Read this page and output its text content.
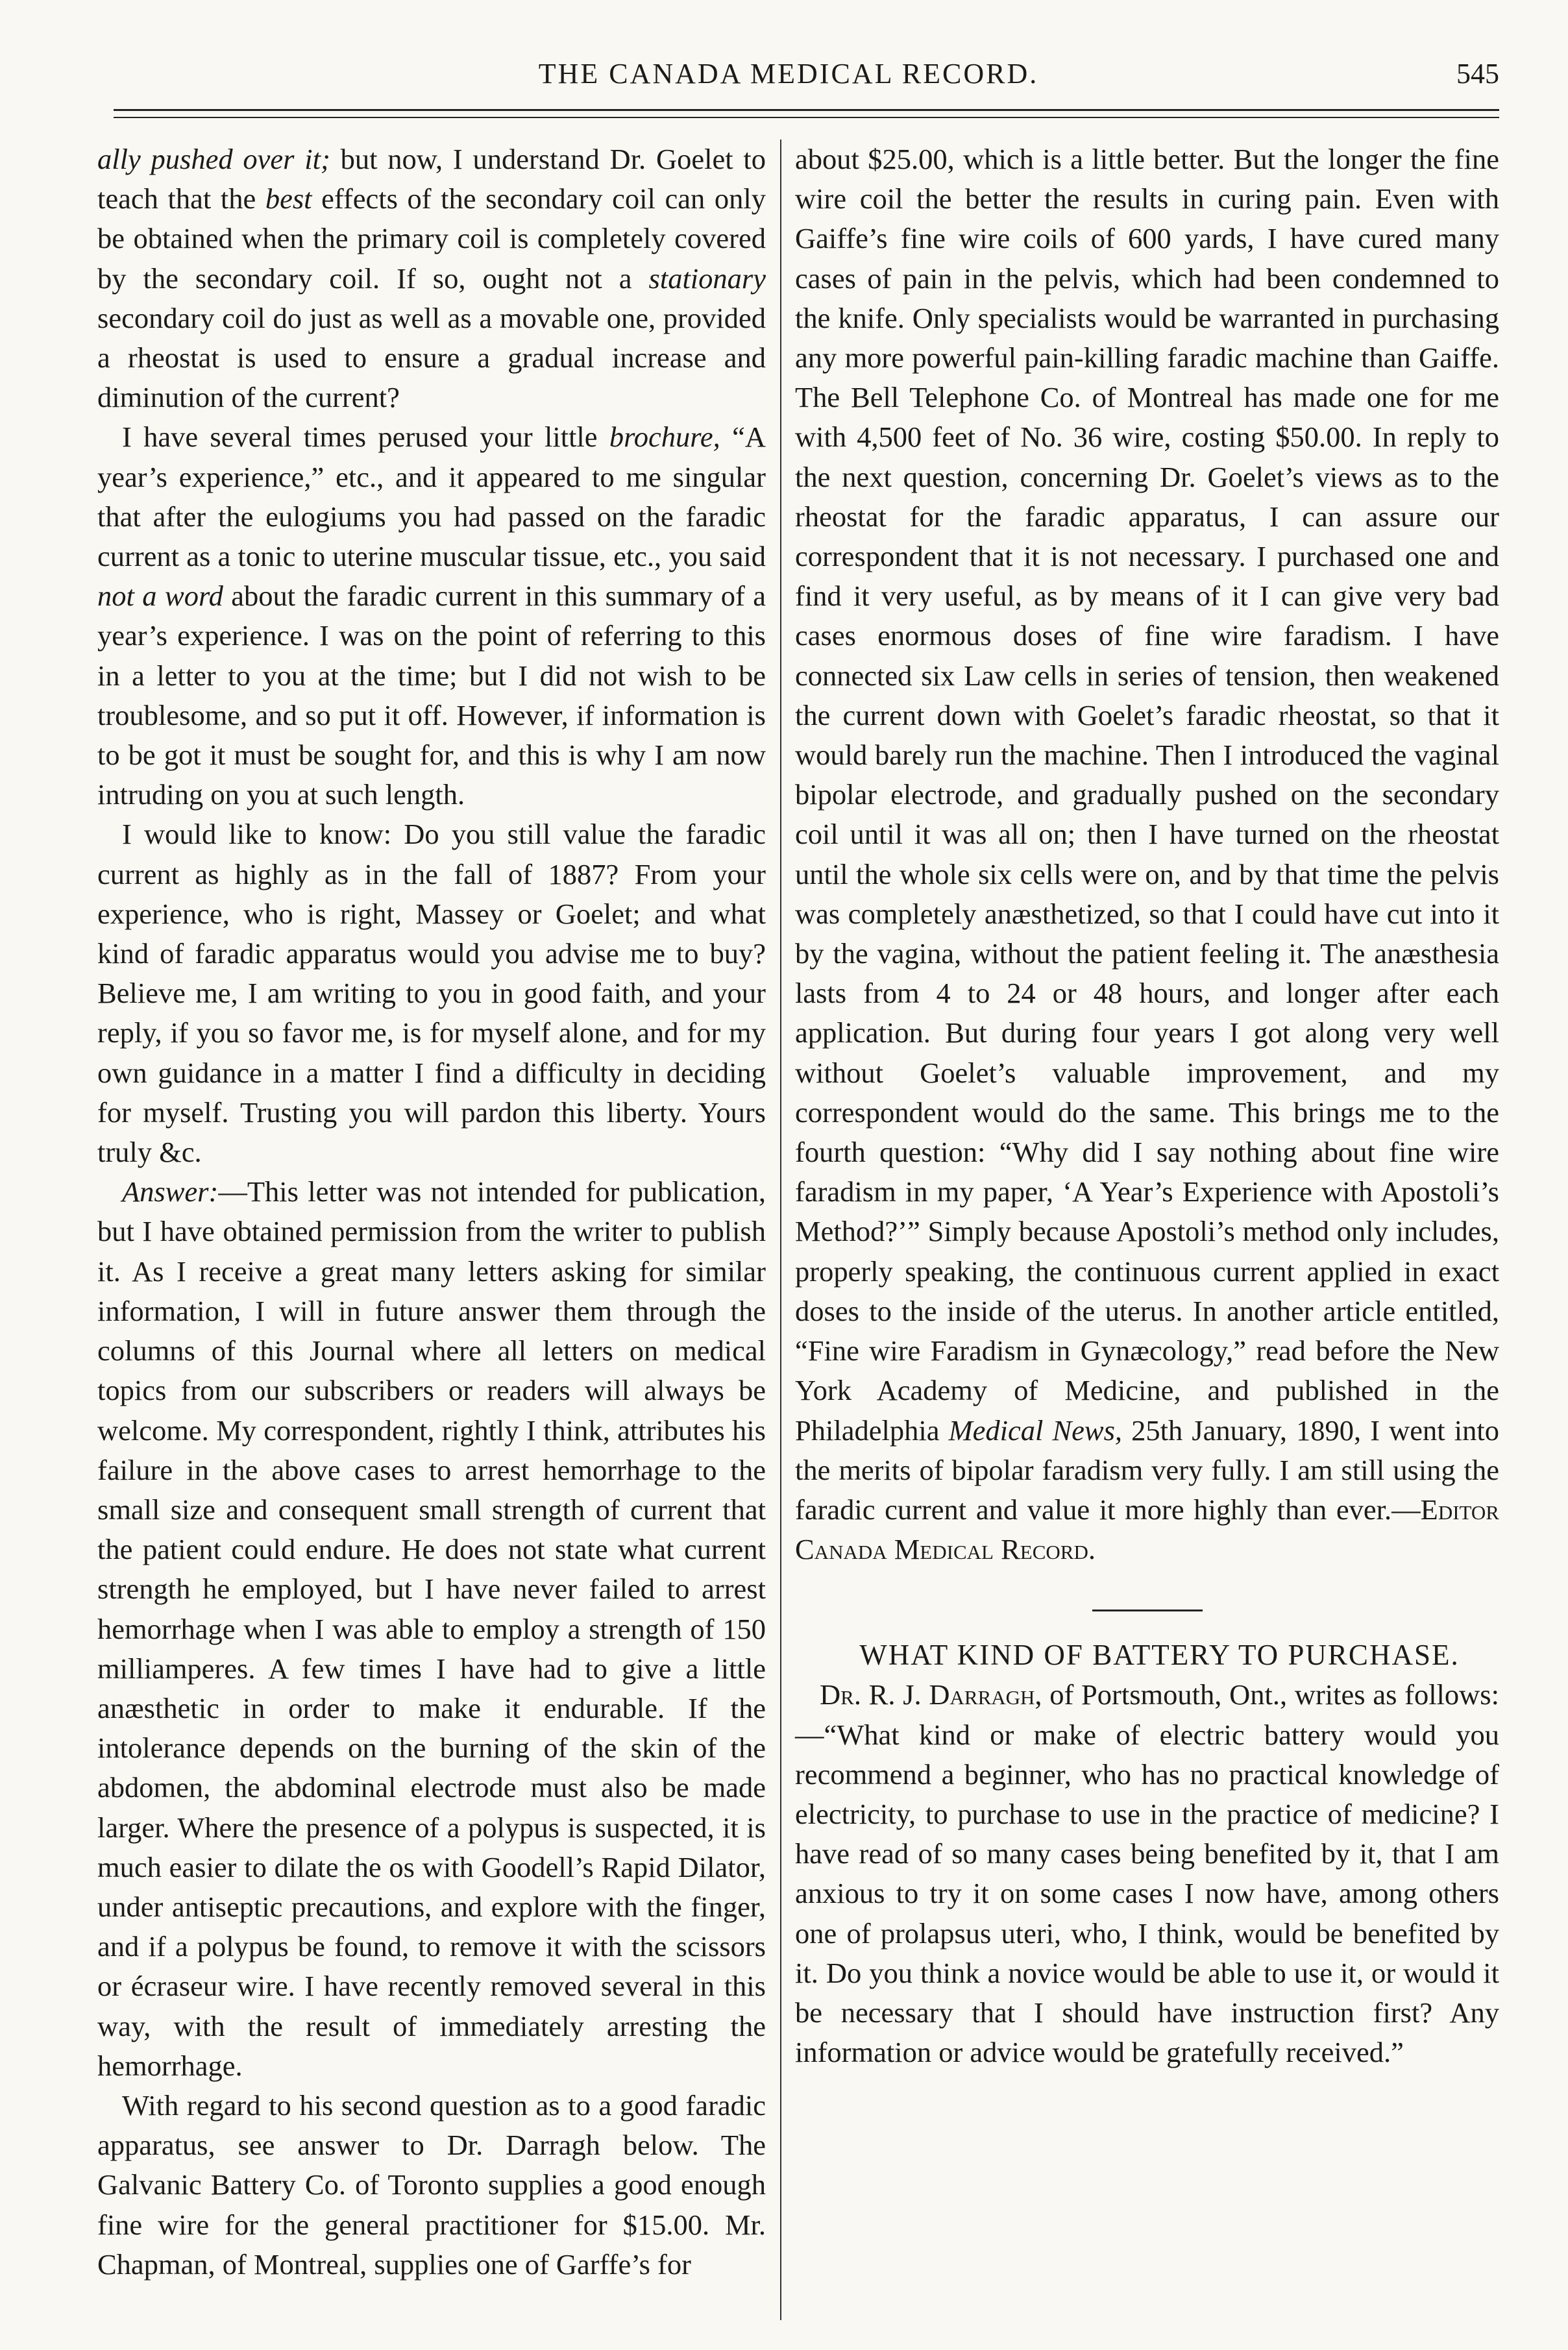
THE CANADA MEDICAL RECORD.	545

ally pushed over it; but now, I understand Dr. Goelet to teach that the best effects of the secondary coil can only be obtained when the primary coil is completely covered by the secondary coil. If so, ought not a stationary secondary coil do just as well as a movable one, provided a rheostat is used to ensure a gradual increase and diminution of the current?

I have several times perused your little brochure, “A year’s experience,” etc., and it appeared to me singular that after the eulogiums you had passed on the faradic current as a tonic to uterine muscular tissue, etc., you said not a word about the faradic current in this summary of a year’s experience. I was on the point of referring to this in a letter to you at the time; but I did not wish to be troublesome, and so put it off. However, if information is to be got it must be sought for, and this is why I am now intruding on you at such length.

I would like to know: Do you still value the faradic current as highly as in the fall of 1887? From your experience, who is right, Massey or Goelet; and what kind of faradic apparatus would you advise me to buy? Believe me, I am writing to you in good faith, and your reply, if you so favor me, is for myself alone, and for my own guidance in a matter I find a difficulty in deciding for myself. Trusting you will pardon this liberty. Yours truly &c.

Answer:—This letter was not intended for publication, but I have obtained permission from the writer to publish it. As I receive a great many letters asking for similar information, I will in future answer them through the columns of this Journal where all letters on medical topics from our subscribers or readers will always be welcome. My correspondent, rightly I think, attributes his failure in the above cases to arrest hemorrhage to the small size and consequent small strength of current that the patient could endure. He does not state what current strength he employed, but I have never failed to arrest hemorrhage when I was able to employ a strength of 150 milliamperes. A few times I have had to give a little anæsthetic in order to make it endurable. If the intolerance depends on the burning of the skin of the abdomen, the abdominal electrode must also be made larger. Where the presence of a polypus is suspected, it is much easier to dilate the os with Goodell’s Rapid Dilator, under antiseptic precautions, and explore with the finger, and if a polypus be found, to remove it with the scissors or écraseur wire. I have recently removed several in this way, with the result of immediately arresting the hemorrhage.

With regard to his second question as to a good faradic apparatus, see answer to Dr. Darragh below. The Galvanic Battery Co. of Toronto supplies a good enough fine wire for the general practitioner for $15.00. Mr. Chapman, of Montreal, supplies one of Garffe’s for

about $25.00, which is a little better. But the longer the fine wire coil the better the results in curing pain. Even with Gaiffe’s fine wire coils of 600 yards, I have cured many cases of pain in the pelvis, which had been condemned to the knife. Only specialists would be warranted in purchasing any more powerful pain-killing faradic machine than Gaiffe. The Bell Telephone Co. of Montreal has made one for me with 4,500 feet of No. 36 wire, costing $50.00. In reply to the next question, concerning Dr. Goelet’s views as to the rheostat for the faradic apparatus, I can assure our correspondent that it is not necessary. I purchased one and find it very useful, as by means of it I can give very bad cases enormous doses of fine wire faradism. I have connected six Law cells in series of tension, then weakened the current down with Goelet’s faradic rheostat, so that it would barely run the machine. Then I introduced the vaginal bipolar electrode, and gradually pushed on the secondary coil until it was all on; then I have turned on the rheostat until the whole six cells were on, and by that time the pelvis was completely anæsthetized, so that I could have cut into it by the vagina, without the patient feeling it. The anæsthesia lasts from 4 to 24 or 48 hours, and longer after each application. But during four years I got along very well without Goelet’s valuable improvement, and my correspondent would do the same. This brings me to the fourth question: “Why did I say nothing about fine wire faradism in my paper, ‘A Year’s Experience with Apostoli’s Method?’” Simply because Apostoli’s method only includes, properly speaking, the continuous current applied in exact doses to the inside of the uterus. In another article entitled, “Fine wire Faradism in Gynæcology,” read before the New York Academy of Medicine, and published in the Philadelphia Medical News, 25th January, 1890, I went into the merits of bipolar faradism very fully. I am still using the faradic current and value it more highly than ever.—Editor Canada Medical Record.

WHAT KIND OF BATTERY TO PURCHASE.

Dr. R. J. Darragh, of Portsmouth, Ont., writes as follows:—“What kind or make of electric battery would you recommend a beginner, who has no practical knowledge of electricity, to purchase to use in the practice of medicine? I have read of so many cases being benefited by it, that I am anxious to try it on some cases I now have, among others one of prolapsus uteri, who, I think, would be benefited by it. Do you think a novice would be able to use it, or would it be necessary that I should have instruction first? Any information or advice would be gratefully received.”
